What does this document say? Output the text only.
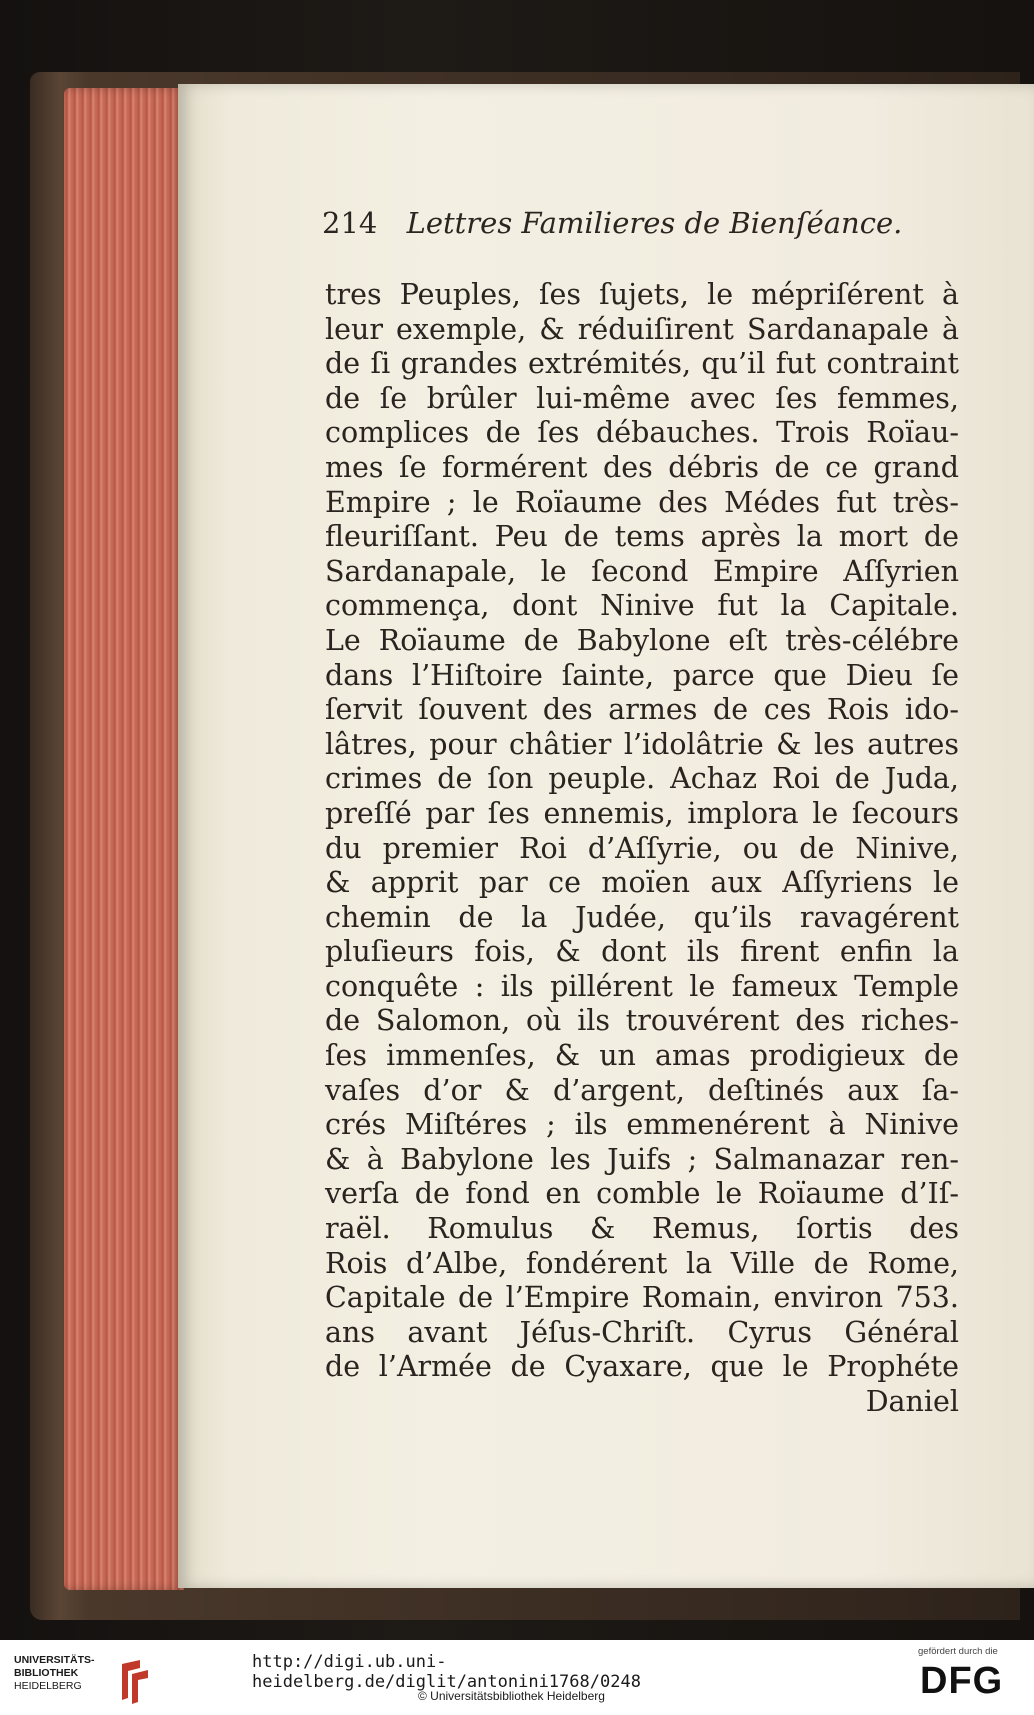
214 Lettres Familieres de Bienſéance.
tres Peuples, ſes ſujets, le mépriſérent à
leur exemple, & réduiſirent Sardanapale à
de ſi grandes extrémités, qu’il fut contraint
de ſe brûler lui-même avec ſes femmes,
complices de ſes débauches. Trois Roïau-
mes ſe formérent des débris de ce grand
Empire ; le Roïaume des Médes fut très-
fleuriſſant. Peu de tems après la mort de
Sardanapale, le ſecond Empire Aſſyrien
commença, dont Ninive fut la Capitale.
Le Roïaume de Babylone eſt très-célébre
dans l’Hiſtoire ſainte, parce que Dieu ſe
ſervit ſouvent des armes de ces Rois ido-
lâtres, pour châtier l’idolâtrie & les autres
crimes de ſon peuple. Achaz Roi de Juda,
preſſé par ſes ennemis, implora le ſecours
du premier Roi d’Aſſyrie, ou de Ninive,
& apprit par ce moïen aux Aſſyriens le
chemin de la Judée, qu’ils ravagérent
pluſieurs fois, & dont ils firent enfin la
conquête : ils pillérent le fameux Temple
de Salomon, où ils trouvérent des riches-
ſes immenſes, & un amas prodigieux de
vaſes d’or & d’argent, deſtinés aux ſa-
crés Miſtéres ; ils emmenérent à Ninive
& à Babylone les Juifs ; Salmanazar ren-
verſa de fond en comble le Roïaume d’Iſ-
raël. Romulus & Remus, ſortis des
Rois d’Albe, fondérent la Ville de Rome,
Capitale de l’Empire Romain, environ 753.
ans avant Jéſus-Chriſt. Cyrus Général
de l’Armée de Cyaxare, que le Prophéte
Daniel
UNIVERSITÄTS-
BIBLIOTHEK
HEIDELBERG
http://digi.ub.uni-heidelberg.de/diglit/antonini1768/0248
© Universitätsbibliothek Heidelberg
gefördert durch die
DFG
